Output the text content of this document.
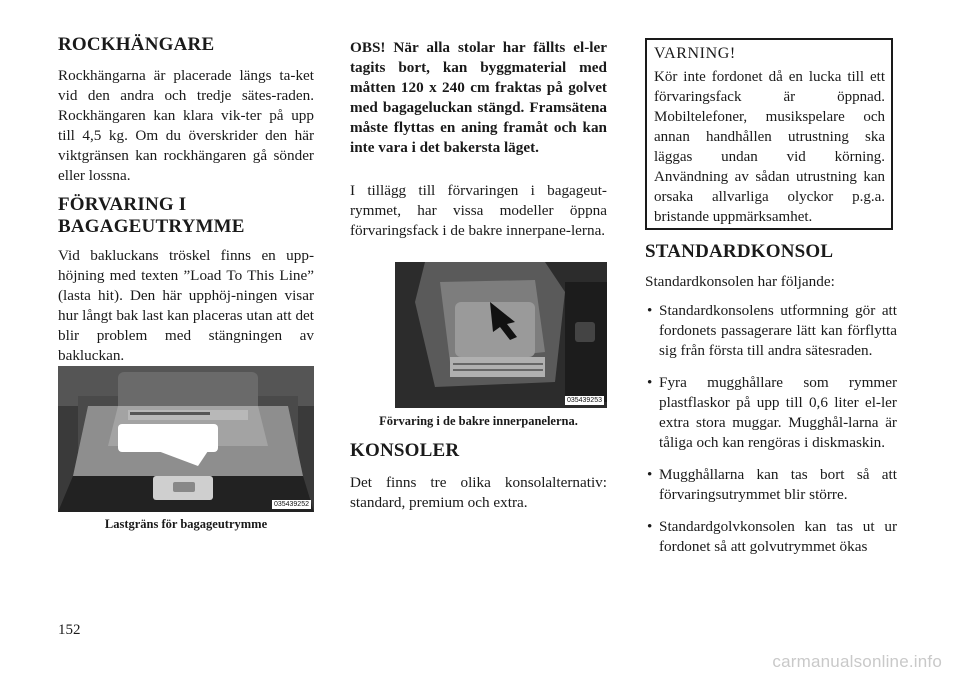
ROCKHÄNGARE

Rockhängarna är placerade längs ta-ket vid den andra och tredje sätes-raden. Rockhängaren kan klara vik-ter på upp till 4,5 kg. Om du överskrider den här viktgränsen kan rockhängaren gå sönder eller lossna.

FÖRVARING I
BAGAGEUTRYMME

Vid bakluckans tröskel finns en upp-höjning med texten ”Load To This Line” (lasta hit). Den här upphöj-ningen visar hur långt bak last kan placeras utan att det blir problem med stängningen av bakluckan.

035439252
Lastgräns för bagageutrymme

OBS! När alla stolar har fällts el-ler tagits bort, kan byggmaterial med måtten 120 x 240 cm fraktas på golvet med bagageluckan stängd. Framsätena måste flyttas en aning framåt och kan inte vara i det bakersta läget.

I tillägg till förvaringen i bagageut-rymmet, har vissa modeller öppna förvaringsfack i de bakre innerpane-lerna.

035439253
Förvaring i de bakre innerpanelerna.
KONSOLER

Det finns tre olika konsolalternativ: standard, premium och extra.

VARNING!

Kör inte fordonet då en lucka till ett förvaringsfack är öppnad. Mobiltelefoner, musikspelare och annan handhållen utrustning ska läggas undan vid körning. Användning av sådan utrustning kan orsaka allvarliga olyckor p.g.a. bristande uppmärksamhet.

STANDARDKONSOL

Standardkonsolen har följande:

• Standardkonsolens utformning gör att fordonets passagerare lätt kan förflytta sig från första till andra sätesraden.
• Fyra mugghållare som rymmer plastflaskor på upp till 0,6 liter el-ler extra stora muggar. Mugghål-larna är tåliga och kan rengöras i diskmaskin.
• Mugghållarna kan tas bort så att förvaringsutrymmet blir större.
• Standardgolvkonsolen kan tas ut ur fordonet så att golvutrymmet ökas
152
carmanualsonline.info
